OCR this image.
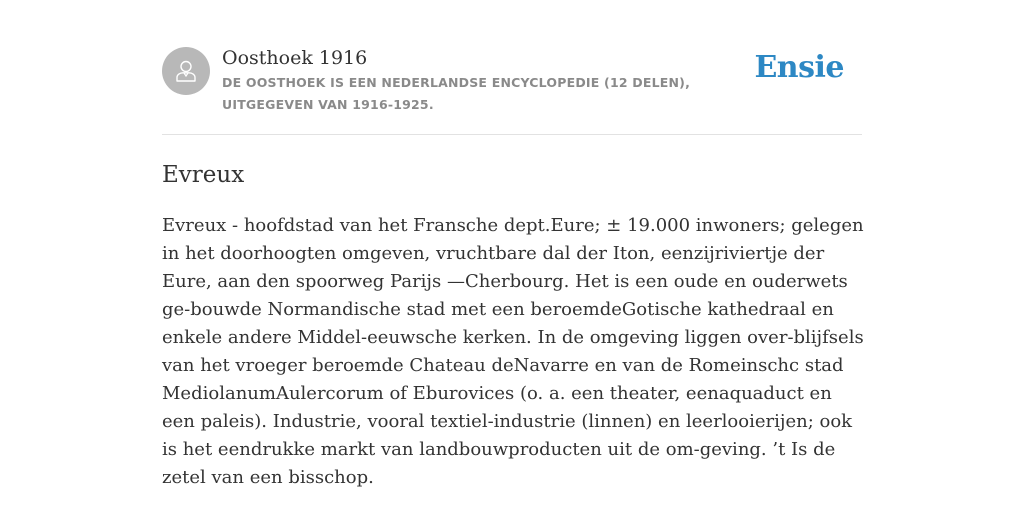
Oosthoek 1916

DE OOSTHOEK IS EEN NEDERLANDSE ENCYCLOPEDIE (12 DELEN), UITGEGEVEN VAN 1916-1925.

Ensie
Evreux

Evreux - hoofdstad van het Fransche dept.Eure; ± 19.000 inwoners; gelegen in het doorhoogten omgeven, vruchtbare dal der Iton, eenzijriviertje der Eure, aan den spoorweg Parijs —Cherbourg. Het is een oude en ouderwets ge-bouwde Normandische stad met een beroemdeGotische kathedraal en enkele andere Middel-eeuwsche kerken. In de omgeving liggen over-blijfsels van het vroeger beroemde Chateau deNavarre en van de Romeinschc stad MediolanumAulercorum of Eburovices (o. a. een theater, eenaquaduct en een paleis). Industrie, vooral textiel-industrie (linnen) en leerlooierijen; ook is het eendrukke markt van landbouwproducten uit de om-geving. ’t Is de zetel van een bisschop.
